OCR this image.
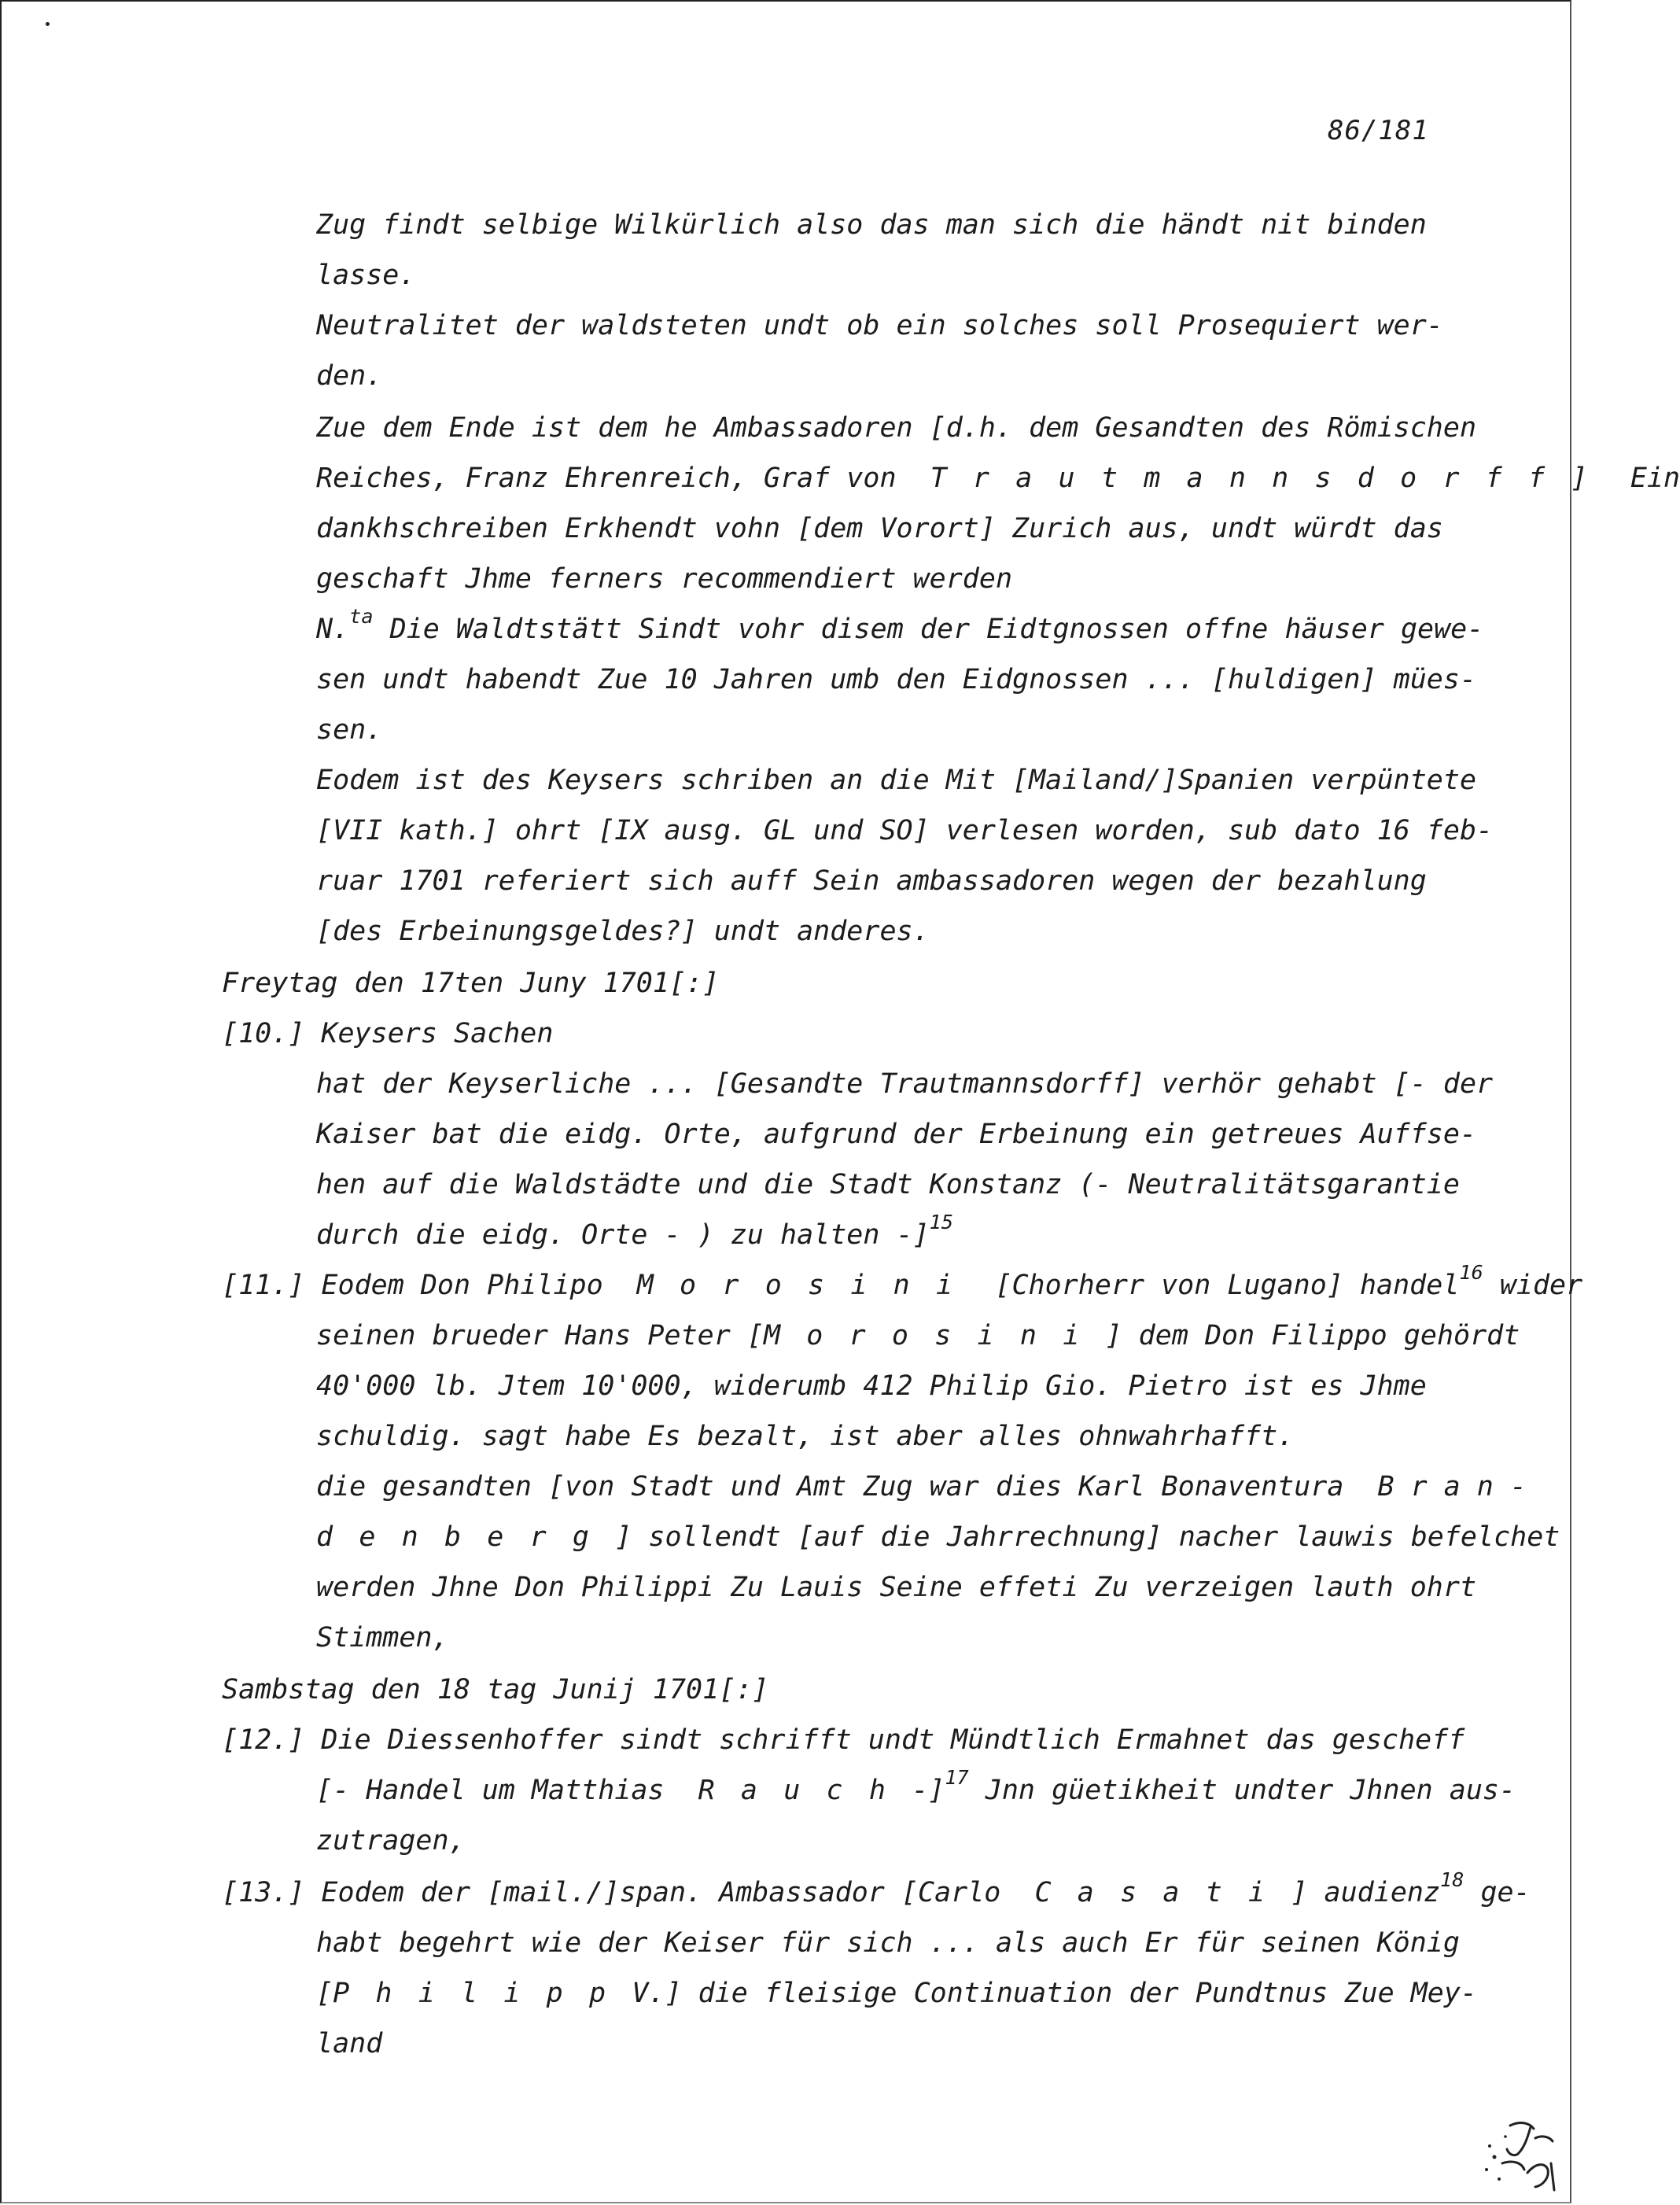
86/181
Zug findt selbige Wilkürlich also das man sich die händt nit binden
lasse.
Neutralitet der waldsteten undt ob ein solches soll Prosequiert wer-
den.
Zue dem Ende ist dem he Ambassadoren [d.h. dem Gesandten des Römischen
Reiches, Franz Ehrenreich, Graf von Trautmannsdorff] Ein
dankhschreiben Erkhendt vohn [dem Vorort] Zurich aus, undt würdt das
geschaft Jhme ferners recommendiert werden
N.$^{ta}$ Die Waldtstätt Sindt vohr disem der Eidtgnossen offne häuser gewe-
sen undt habendt Zue 10 Jahren umb den Eidgnossen ... [huldigen] mües-
sen.
Eodem ist des Keysers schriben an die Mit [Mailand/]Spanien verpüntete
[VII kath.] ohrt [IX ausg. GL und SO] verlesen worden, sub dato 16 feb-
ruar 1701 referiert sich auff Sein ambassadoren wegen der bezahlung
[des Erbeinungsgeldes?] undt anderes.
Freytag den 17ten Juny 1701[:]
[10.] Keysers Sachen
hat der Keyserliche ... [Gesandte Trautmannsdorff] verhör gehabt [- der
Kaiser bat die eidg. Orte, aufgrund der Erbeinung ein getreues Auffse-
hen auf die Waldstädte und die Stadt Konstanz (- Neutralitätsgarantie
durch die eidg. Orte - ) zu halten -]$^{15}$
[11.] Eodem Don Philipo Morosini [Chorherr von Lugano] handel$^{16}$ wider
seinen brueder Hans Peter [Morosini] dem Don Filippo gehördt
40'000 lb. Jtem 10'000, widerumb 412 Philip Gio. Pietro ist es Jhme
schuldig. sagt habe Es bezalt, ist aber alles ohnwahrhafft.
die gesandten [von Stadt und Amt Zug war dies Karl Bonaventura Bran-
denberg] sollendt [auf die Jahrrechnung] nacher lauwis befelchet
werden Jhne Don Philippi Zu Lauis Seine effeti Zu verzeigen lauth ohrt
Stimmen,
Sambstag den 18 tag Junij 1701[:]
[12.] Die Diessenhoffer sindt schrifft undt Mündtlich Ermahnet das gescheff
[- Handel um Matthias Rauch-]$^{17}$ Jnn güetikheit undter Jhnen aus-
zutragen,
[13.] Eodem der [mail./]span. Ambassador [Carlo Casati] audienz$^{18}$ ge-
habt begehrt wie der Keiser für sich ... als auch Er für seinen König
[PhilippV.] die fleisige Continuation der Pundtnus Zue Mey-
land
